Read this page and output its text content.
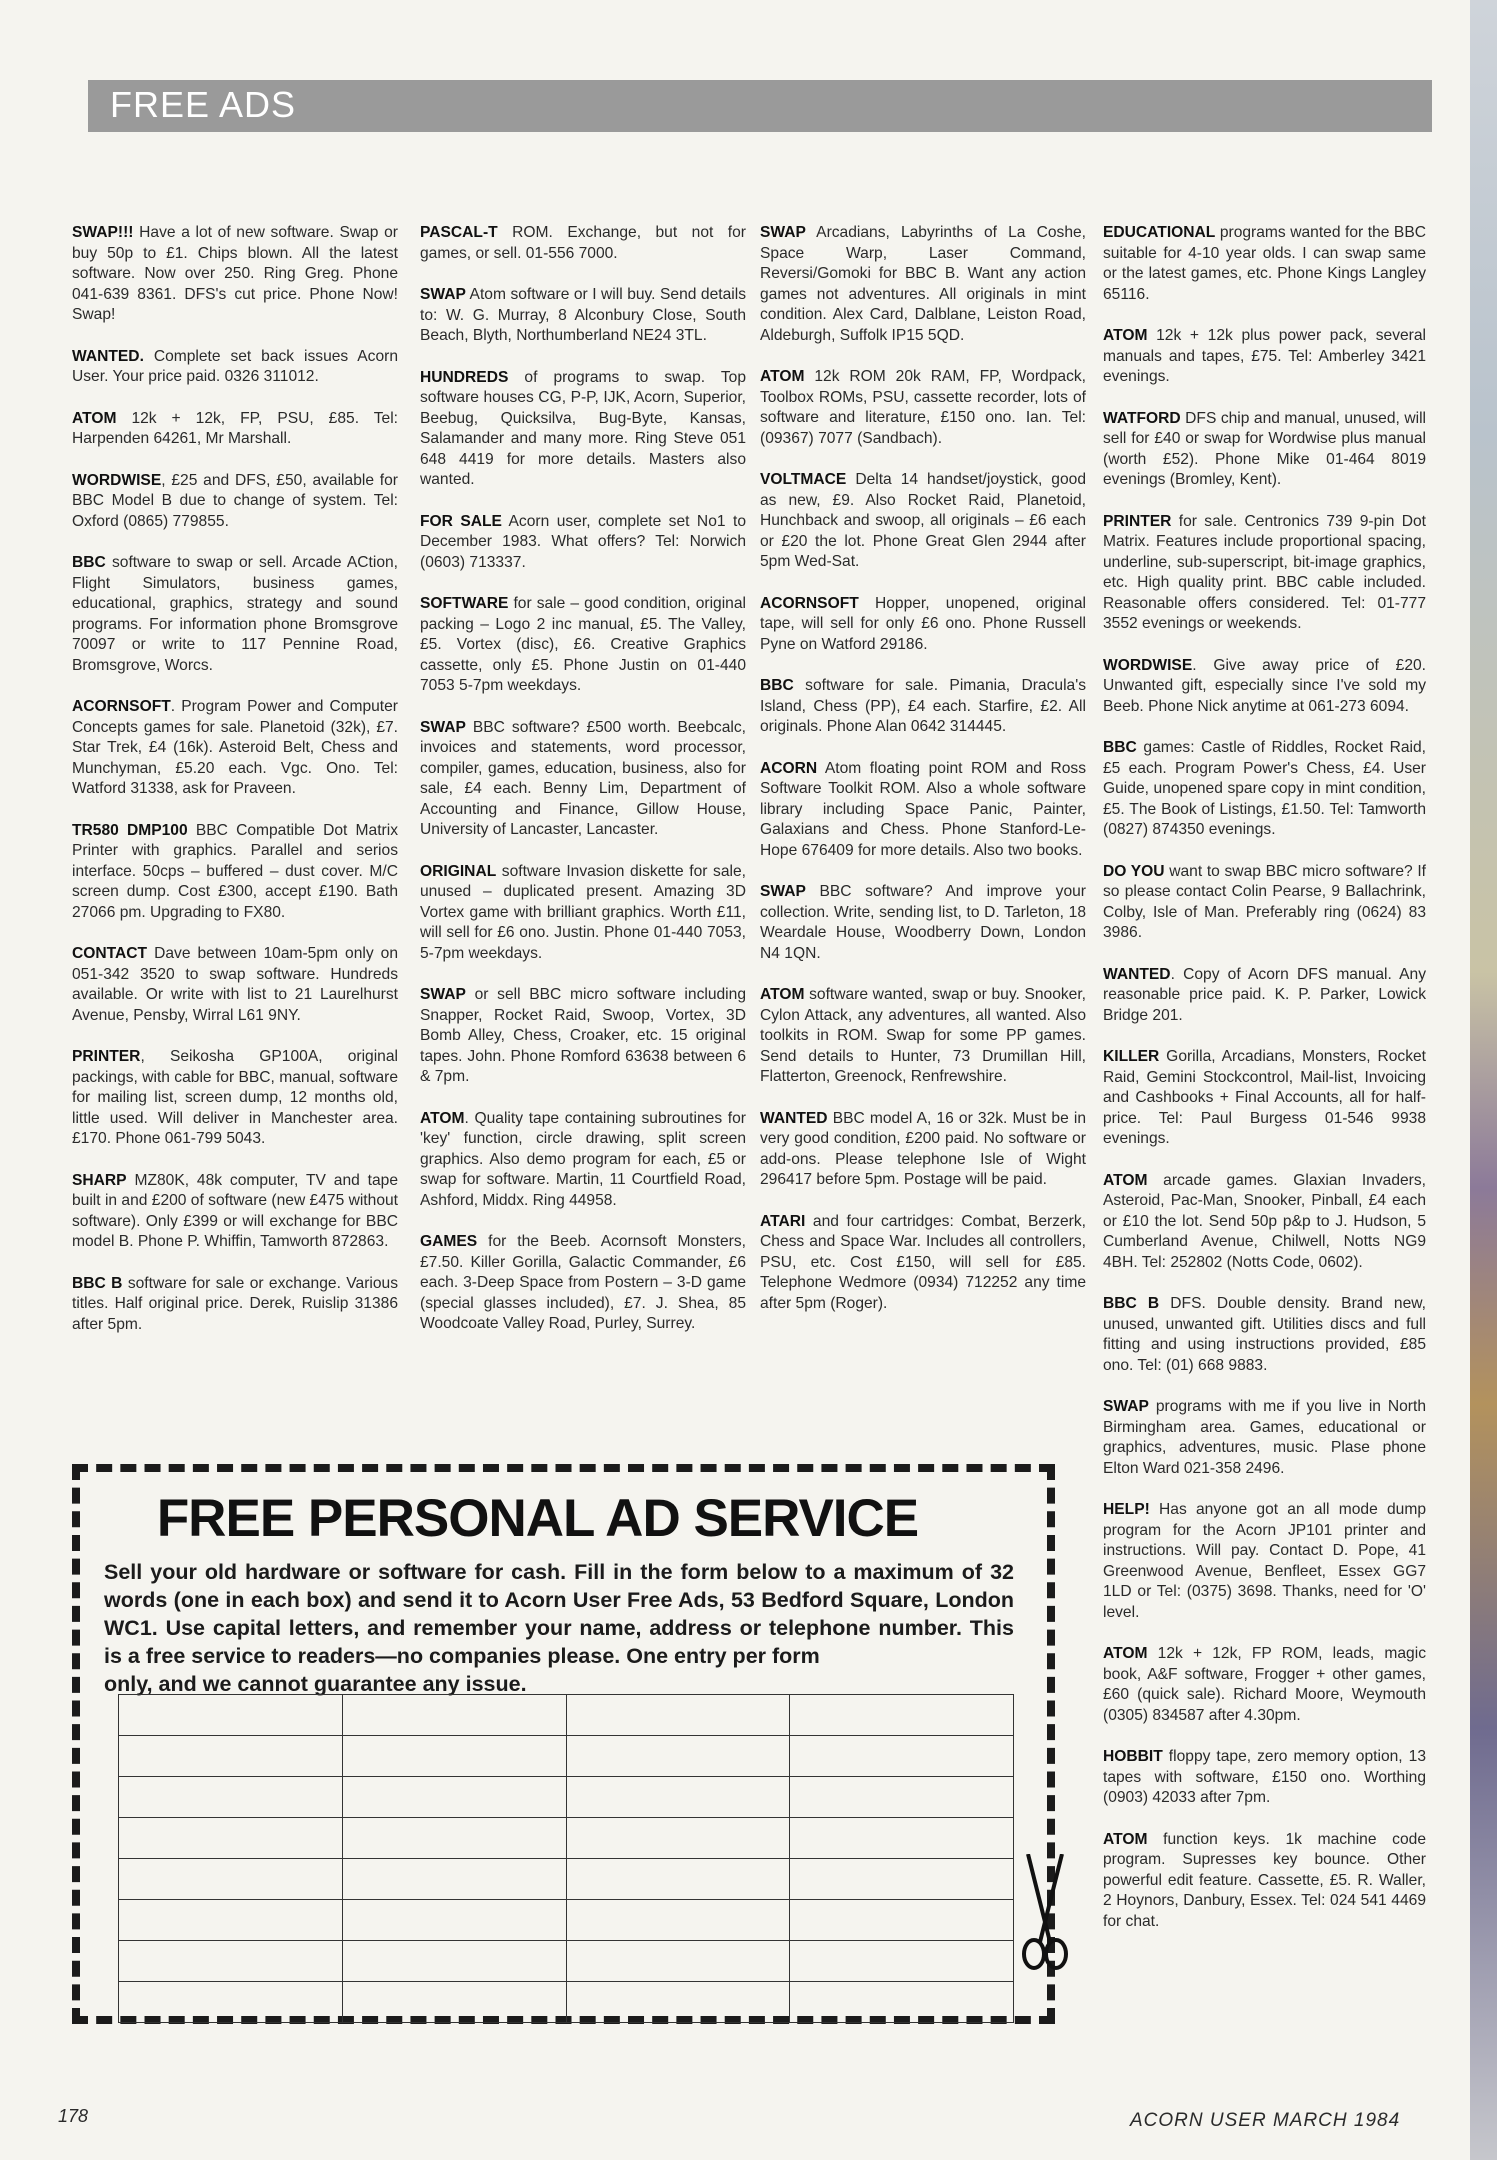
FREE ADS

SWAP!!! Have a lot of new software. Swap or buy 50p to £1. Chips blown. All the latest software. Now over 250. Ring Greg. Phone 041-639 8361. DFS's cut price. Phone Now! Swap!

WANTED. Complete set back issues Acorn User. Your price paid. 0326 311012.

ATOM 12k + 12k, FP, PSU, £85. Tel: Harpenden 64261, Mr Marshall.

WORDWISE, £25 and DFS, £50, available for BBC Model B due to change of system. Tel: Oxford (0865) 779855.

BBC software to swap or sell. Arcade ACtion, Flight Simulators, business games, educational, graphics, strategy and sound programs. For information phone Bromsgrove 70097 or write to 117 Pennine Road, Bromsgrove, Worcs.

ACORNSOFT. Program Power and Computer Concepts games for sale. Planetoid (32k), £7. Star Trek, £4 (16k). Asteroid Belt, Chess and Munchyman, £5.20 each. Vgc. Ono. Tel: Watford 31338, ask for Praveen.

TR580 DMP100 BBC Compatible Dot Matrix Printer with graphics. Parallel and serios interface. 50cps – buffered – dust cover. M/C screen dump. Cost £300, accept £190. Bath 27066 pm. Upgrading to FX80.

CONTACT Dave between 10am-5pm only on 051-342 3520 to swap software. Hundreds available. Or write with list to 21 Laurelhurst Avenue, Pensby, Wirral L61 9NY.

PRINTER, Seikosha GP100A, original packings, with cable for BBC, manual, software for mailing list, screen dump, 12 months old, little used. Will deliver in Manchester area. £170. Phone 061-799 5043.

SHARP MZ80K, 48k computer, TV and tape built in and £200 of software (new £475 without software). Only £399 or will exchange for BBC model B. Phone P. Whiffin, Tamworth 872863.

BBC B software for sale or exchange. Various titles. Half original price. Derek, Ruislip 31386 after 5pm.

PASCAL-T ROM. Exchange, but not for games, or sell. 01-556 7000.

SWAP Atom software or I will buy. Send details to: W. G. Murray, 8 Alconbury Close, South Beach, Blyth, Northumberland NE24 3TL.

HUNDREDS of programs to swap. Top software houses CG, P-P, IJK, Acorn, Superior, Beebug, Quicksilva, Bug-Byte, Kansas, Salamander and many more. Ring Steve 051 648 4419 for more details. Masters also wanted.

FOR SALE Acorn user, complete set No1 to December 1983. What offers? Tel: Norwich (0603) 713337.

SOFTWARE for sale – good condition, original packing – Logo 2 inc manual, £5. The Valley, £5. Vortex (disc), £6. Creative Graphics cassette, only £5. Phone Justin on 01-440 7053 5-7pm weekdays.

SWAP BBC software? £500 worth. Beebcalc, invoices and statements, word processor, compiler, games, education, business, also for sale, £4 each. Benny Lim, Department of Accounting and Finance, Gillow House, University of Lancaster, Lancaster.

ORIGINAL software Invasion diskette for sale, unused – duplicated present. Amazing 3D Vortex game with brilliant graphics. Worth £11, will sell for £6 ono. Justin. Phone 01-440 7053, 5-7pm weekdays.

SWAP or sell BBC micro software including Snapper, Rocket Raid, Swoop, Vortex, 3D Bomb Alley, Chess, Croaker, etc. 15 original tapes. John. Phone Romford 63638 between 6 & 7pm.

ATOM. Quality tape containing subroutines for 'key' function, circle drawing, split screen graphics. Also demo program for each, £5 or swap for software. Martin, 11 Courtfield Road, Ashford, Middx. Ring 44958.

GAMES for the Beeb. Acornsoft Monsters, £7.50. Killer Gorilla, Galactic Commander, £6 each. 3-Deep Space from Postern – 3-D game (special glasses included), £7. J. Shea, 85 Woodcoate Valley Road, Purley, Surrey.

SWAP Arcadians, Labyrinths of La Coshe, Space Warp, Laser Command, Reversi/Gomoki for BBC B. Want any action games not adventures. All originals in mint condition. Alex Card, Dalblane, Leiston Road, Aldeburgh, Suffolk IP15 5QD.

ATOM 12k ROM 20k RAM, FP, Wordpack, Toolbox ROMs, PSU, cassette recorder, lots of software and literature, £150 ono. Ian. Tel: (09367) 7077 (Sandbach).

VOLTMACE Delta 14 handset/joystick, good as new, £9. Also Rocket Raid, Planetoid, Hunchback and swoop, all originals – £6 each or £20 the lot. Phone Great Glen 2944 after 5pm Wed-Sat.

ACORNSOFT Hopper, unopened, original tape, will sell for only £6 ono. Phone Russell Pyne on Watford 29186.

BBC software for sale. Pimania, Dracula's Island, Chess (PP), £4 each. Starfire, £2. All originals. Phone Alan 0642 314445.

ACORN Atom floating point ROM and Ross Software Toolkit ROM. Also a whole software library including Space Panic, Painter, Galaxians and Chess. Phone Stanford-Le-Hope 676409 for more details. Also two books.

SWAP BBC software? And improve your collection. Write, sending list, to D. Tarleton, 18 Weardale House, Woodberry Down, London N4 1QN.

ATOM software wanted, swap or buy. Snooker, Cylon Attack, any adventures, all wanted. Also toolkits in ROM. Swap for some PP games. Send details to Hunter, 73 Drumillan Hill, Flatterton, Greenock, Renfrewshire.

WANTED BBC model A, 16 or 32k. Must be in very good condition, £200 paid. No software or add-ons. Please telephone Isle of Wight 296417 before 5pm. Postage will be paid.

ATARI and four cartridges: Combat, Berzerk, Chess and Space War. Includes all controllers, PSU, etc. Cost £150, will sell for £85. Telephone Wedmore (0934) 712252 any time after 5pm (Roger).

EDUCATIONAL programs wanted for the BBC suitable for 4-10 year olds. I can swap same or the latest games, etc. Phone Kings Langley 65116.

ATOM 12k + 12k plus power pack, several manuals and tapes, £75. Tel: Amberley 3421 evenings.

WATFORD DFS chip and manual, unused, will sell for £40 or swap for Wordwise plus manual (worth £52). Phone Mike 01-464 8019 evenings (Bromley, Kent).

PRINTER for sale. Centronics 739 9-pin Dot Matrix. Features include proportional spacing, underline, sub-superscript, bit-image graphics, etc. High quality print. BBC cable included. Reasonable offers considered. Tel: 01-777 3552 evenings or weekends.

WORDWISE. Give away price of £20. Unwanted gift, especially since I've sold my Beeb. Phone Nick anytime at 061-273 6094.

BBC games: Castle of Riddles, Rocket Raid, £5 each. Program Power's Chess, £4. User Guide, unopened spare copy in mint condition, £5. The Book of Listings, £1.50. Tel: Tamworth (0827) 874350 evenings.

DO YOU want to swap BBC micro software? If so please contact Colin Pearse, 9 Ballachrink, Colby, Isle of Man. Preferably ring (0624) 83 3986.

WANTED. Copy of Acorn DFS manual. Any reasonable price paid. K. P. Parker, Lowick Bridge 201.

KILLER Gorilla, Arcadians, Monsters, Rocket Raid, Gemini Stockcontrol, Mail-list, Invoicing and Cashbooks + Final Accounts, all for half-price. Tel: Paul Burgess 01-546 9938 evenings.

ATOM arcade games. Glaxian Invaders, Asteroid, Pac-Man, Snooker, Pinball, £4 each or £10 the lot. Send 50p p&p to J. Hudson, 5 Cumberland Avenue, Chilwell, Notts NG9 4BH. Tel: 252802 (Notts Code, 0602).

BBC B DFS. Double density. Brand new, unused, unwanted gift. Utilities discs and full fitting and using instructions provided, £85 ono. Tel: (01) 668 9883.

SWAP programs with me if you live in North Birmingham area. Games, educational or graphics, adventures, music. Plase phone Elton Ward 021-358 2496.

HELP! Has anyone got an all mode dump program for the Acorn JP101 printer and instructions. Will pay. Contact D. Pope, 41 Greenwood Avenue, Benfleet, Essex GG7 1LD or Tel: (0375) 3698. Thanks, need for 'O' level.

ATOM 12k + 12k, FP ROM, leads, magic book, A&F software, Frogger + other games, £60 (quick sale). Richard Moore, Weymouth (0305) 834587 after 4.30pm.

HOBBIT floppy tape, zero memory option, 13 tapes with software, £150 ono. Worthing (0903) 42033 after 7pm.

ATOM function keys. 1k machine code program. Supresses key bounce. Other powerful edit feature. Cassette, £5. R. Waller, 2 Hoynors, Danbury, Essex. Tel: 024 541 4469 for chat.

FREE PERSONAL AD SERVICE
Sell your old hardware or software for cash. Fill in the form below to a maximum of 32 words (one in each box) and send it to Acorn User Free Ads, 53 Bedford Square, London WC1. Use capital letters, and remember your name, address or telephone number. This is a free service to readers—no companies please. One entry per form
only, and we cannot guarantee any issue.

178	ACORN USER MARCH 1984
